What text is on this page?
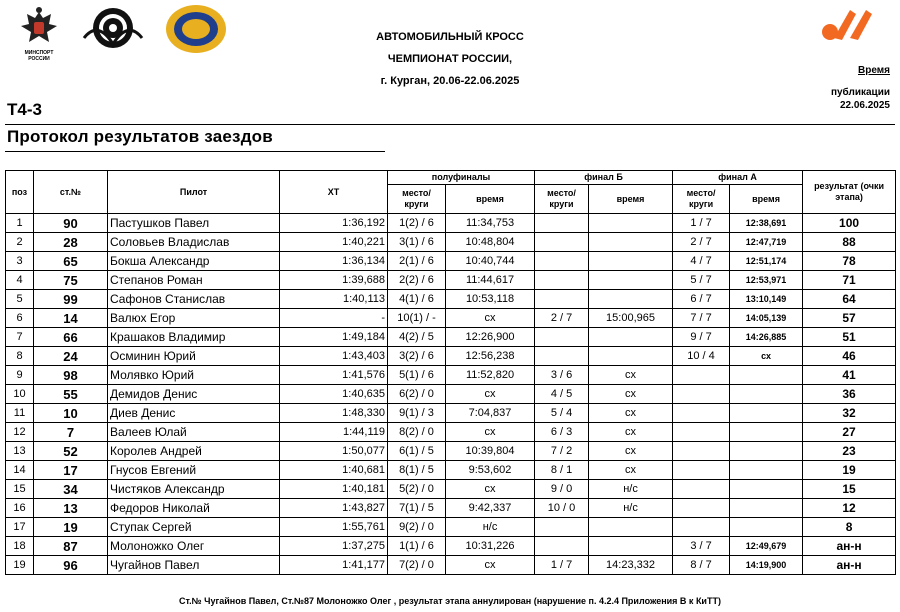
МИНСПОРТ РОССИИ
АВТОМОБИЛЬНЫЙ КРОСС
ЧЕМПИОНАТ РОССИИ,
г. Курган, 20.06-22.06.2025
Время
публикации
22.06.2025
Т4-3
Протокол результатов заездов
поз	ст.№	Пилот	XT	полуфиналы		финал Б		финал А		результат (очки этапа)
				место/ круги	время	место/ круги	время	место/ круги	время	
1	90	Пастушков Павел	1:36,192	1(2) / 6	11:34,753			1 / 7	12:38,691	100
2	28	Соловьев Владислав	1:40,221	3(1) / 6	10:48,804			2 / 7	12:47,719	88
3	65	Бокша Александр	1:36,134	2(1) / 6	10:40,744			4 / 7	12:51,174	78
4	75	Степанов Роман	1:39,688	2(2) / 6	11:44,617			5 / 7	12:53,971	71
5	99	Сафонов Станислав	1:40,113	4(1) / 6	10:53,118			6 / 7	13:10,149	64
6	14	Валюх Егор	-	10(1) / -	сх	2 / 7	15:00,965	7 / 7	14:05,139	57
7	66	Крашаков Владимир	1:49,184	4(2) / 5	12:26,900			9 / 7	14:26,885	51
8	24	Осминин Юрий	1:43,403	3(2) / 6	12:56,238			10 / 4	сх	46
9	98	Молявко Юрий	1:41,576	5(1) / 6	11:52,820	3 / 6	сх			41
10	55	Демидов Денис	1:40,635	6(2) / 0	сх	4 / 5	сх			36
11	10	Диев Денис	1:48,330	9(1) / 3	7:04,837	5 / 4	сх			32
12	7	Валеев Юлай	1:44,119	8(2) / 0	сх	6 / 3	сх			27
13	52	Королев Андрей	1:50,077	6(1) / 5	10:39,804	7 / 2	сх			23
14	17	Гнусов Евгений	1:40,681	8(1) / 5	9:53,602	8 / 1	сх			19
15	34	Чистяков Александр	1:40,181	5(2) / 0	сх	9 / 0	н/с			15
16	13	Федоров Николай	1:43,827	7(1) / 5	9:42,337	10 / 0	н/с			12
17	19	Ступак Сергей	1:55,761	9(2) / 0	н/с					8
18	87	Молоножко Олег	1:37,275	1(1) / 6	10:31,226			3 / 7	12:49,679	ан-н
19	96	Чугайнов Павел	1:41,177	7(2) / 0	сх	1 / 7	14:23,332	8 / 7	14:19,900	ан-н
Ст.№ Чугайнов Павел, Ст.№87 Молоножко Олег , результат этапа аннулирован (нарушение п. 4.2.4 Приложения В к КиТТ)
